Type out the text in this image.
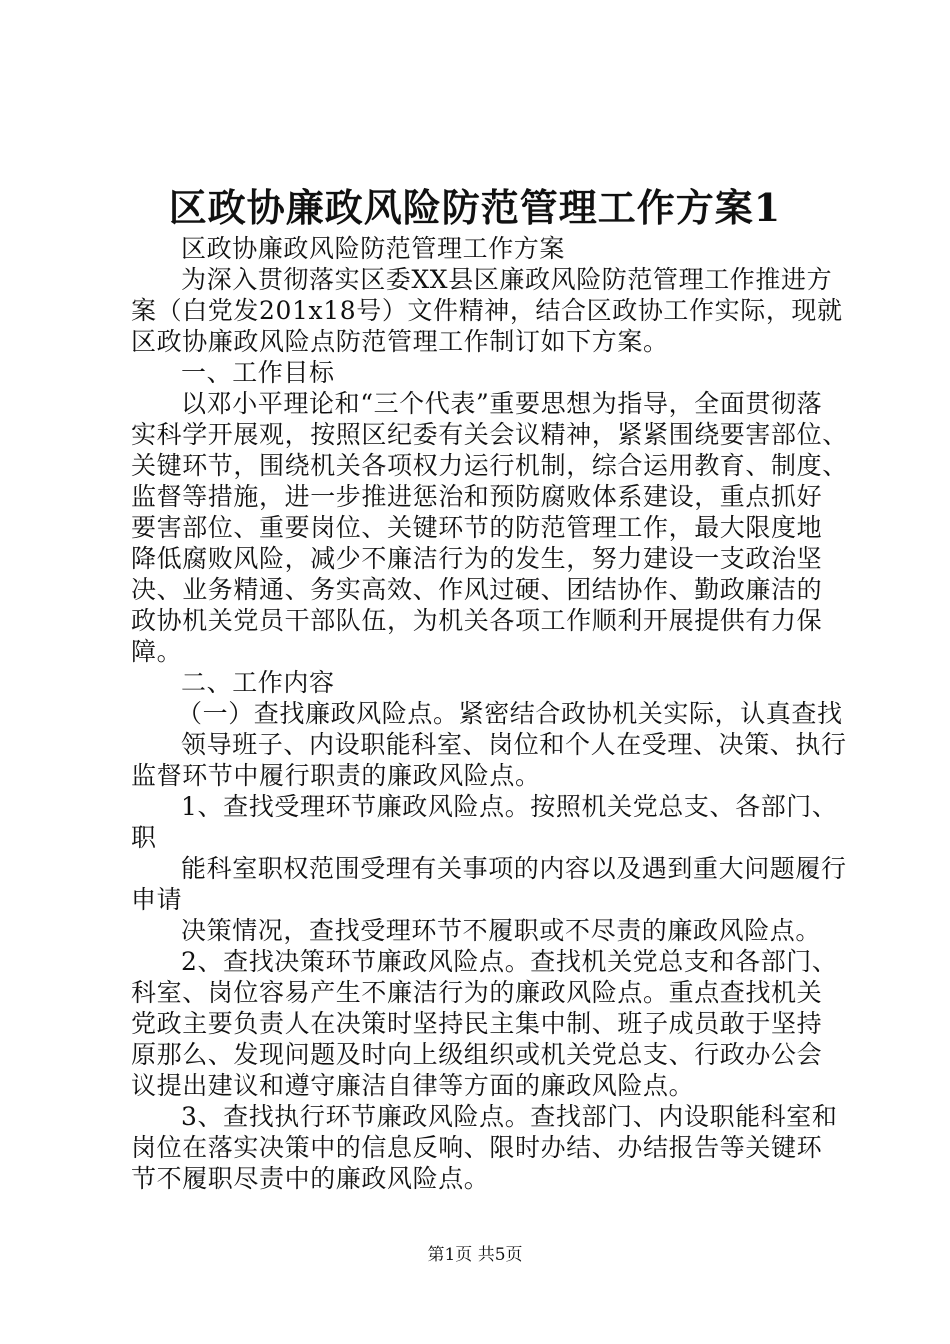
区政协廉政风险防范管理工作方案1
区政协廉政风险防范管理工作方案
为深入贯彻落实区委XX县区廉政风险防范管理工作推进方
案（白党发201x18号）文件精神，结合区政协工作实际，现就
区政协廉政风险点防范管理工作制订如下方案。
一、工作目标
以邓小平理论和“三个代表”重要思想为指导，全面贯彻落
实科学开展观，按照区纪委有关会议精神，紧紧围绕要害部位、
关键环节，围绕机关各项权力运行机制，综合运用教育、制度、
监督等措施，进一步推进惩治和预防腐败体系建设，重点抓好
要害部位、重要岗位、关键环节的防范管理工作，最大限度地
降低腐败风险，减少不廉洁行为的发生，努力建设一支政治坚
决、业务精通、务实高效、作风过硬、团结协作、勤政廉洁的
政协机关党员干部队伍，为机关各项工作顺利开展提供有力保
障。
二、工作内容
（一）查找廉政风险点。紧密结合政协机关实际，认真查找
领导班子、内设职能科室、岗位和个人在受理、决策、执行
监督环节中履行职责的廉政风险点。
1、查找受理环节廉政风险点。按照机关党总支、各部门、
职
能科室职权范围受理有关事项的内容以及遇到重大问题履行
申请
决策情况，查找受理环节不履职或不尽责的廉政风险点。
2、查找决策环节廉政风险点。查找机关党总支和各部门、
科室、岗位容易产生不廉洁行为的廉政风险点。重点查找机关
党政主要负责人在决策时坚持民主集中制、班子成员敢于坚持
原那么、发现问题及时向上级组织或机关党总支、行政办公会
议提出建议和遵守廉洁自律等方面的廉政风险点。
3、查找执行环节廉政风险点。查找部门、内设职能科室和
岗位在落实决策中的信息反响、限时办结、办结报告等关键环
节不履职尽责中的廉政风险点。
第1页 共5页
